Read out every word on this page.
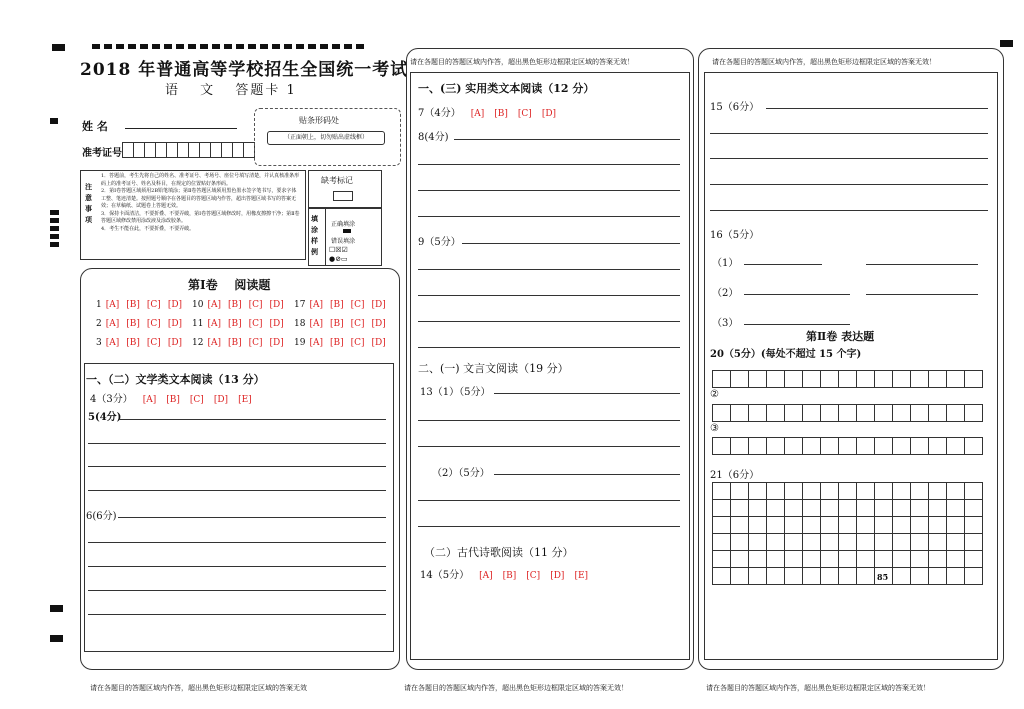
2018 年普通高等学校招生全国统一考试
语 文 答题卡 1
姓 名
准考证号
贴条形码处
（正面朝上，切勿贴出虚线框）
注
意
事
项
1．答题前，考生先将自己的姓名、准考证号、考场号、座位号填写清楚，并认真核准条形码上的准考证号、姓名及科目，在规定的位置贴好条形码。
2．第Ⅰ卷答题区域须用2B铅笔填涂；第Ⅱ卷答题区域须用黑色墨水签字笔书写，要求字体工整、笔迹清楚。按照题号顺序在各题目的答题区域内作答，超出答题区域书写的答案无效；在草稿纸、试题卷上答题无效。
3．保持卡面清洁，不要折叠、不要弄破，第Ⅰ卷答题区域修改时，用橡皮擦擦干净；第Ⅱ卷答题区域修改禁用涂改液及涂改胶条。
4．考生不能在此，不要折叠，不要弄破。
缺考标记
填
涂
样
例
正确填涂
错误填涂
☐☒☑
●⊘▭
第Ⅰ卷    阅读题
1 [A] [B] [C] [D] 10 [A] [B] [C] [D] 17 [A] [B] [C] [D]
2 [A] [B] [C] [D] 11 [A] [B] [C] [D] 18 [A] [B] [C] [D]
3 [A] [B] [C] [D] 12 [A] [B] [C] [D] 19 [A] [B] [C] [D]
一、（二）文学类文本阅读（13 分）
4（3分） [A] [B] [C] [D] [E]
5(4分)
6(6分)
请在各题目的答题区域内作答，超出黑色矩形边框限定区域的答案无效！
一、(三) 实用类文本阅读（12 分）
7（4分） [A] [B] [C] [D]
8(4分)
9（5分）
二、(一) 文言文阅读（19 分）
13（1）（5分）
（2）（5分）
（二）古代诗歌阅读（11 分）
14（5分） [A] [B] [C] [D] [E]
请在各题目的答题区域内作答，超出黑色矩形边框限定区域的答案无效！
15（6分）
16（5分）
（1）
（2）
（3）
第Ⅱ卷 表达题
20（5分）(每处不超过 15 个字)
②
③
21（6分）
85
请在各题目的答题区域内作答，超出黑色矩形边框限定区域的答案无效	请在各题目的答题区域内作答，超出黑色矩形边框限定区域的答案无效！	请在各题目的答题区域内作答，超出黑色矩形边框限定区域的答案无效！
